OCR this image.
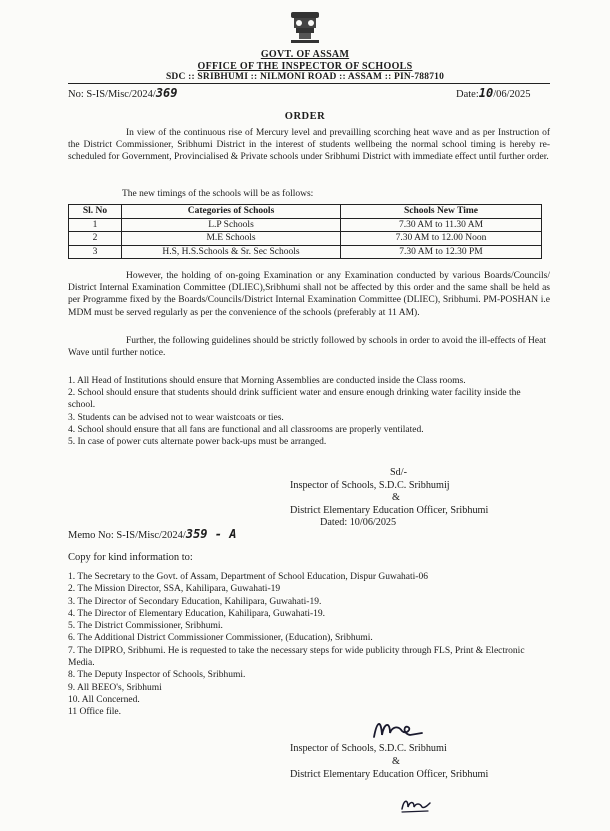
GOVT. OF ASSAM
OFFICE OF THE INSPECTOR OF SCHOOLS
SDC :: SRIBHUMI :: NILMONI ROAD :: ASSAM :: PIN-788710
No: S-IS/Misc/2024/369	Date:10/06/2025
ORDER
In view of the continuous rise of Mercury level and prevailling scorching heat wave and as per Instruction of the District Commissioner, Sribhumi District in the interest of students wellbeing the normal school timing is hereby re-scheduled for Government, Provincialised & Private schools under Sribhumi District with immediate effect until further order.
The new timings of the schools will be as follows:
Sl. No	Categories of Schools	Schools New Time
1	L.P Schools	7.30 AM to 11.30 AM
2	M.E Schools	7.30 AM to 12.00 Noon
3	H.S, H.S.Schools & Sr. Sec Schools	7.30 AM to 12.30 PM
However, the holding of on-going Examination or any Examination conducted by various Boards/Councils/ District Internal Examination Committee (DLIEC),Sribhumi shall not be affected by this order and the same shall be held as per Programme fixed by the Boards/Councils/District Internal Examination Committee (DLIEC), Sribhumi. PM-POSHAN i.e MDM must be served regularly as per the convenience of the schools (preferably at 11 AM).
Further, the following guidelines should be strictly followed by schools in order to avoid the ill-effects of Heat Wave until further notice.
1. All Head of Institutions should ensure that Morning Assemblies are conducted inside the Class rooms.
2. School should ensure that students should drink sufficient water and ensure enough drinking water facility inside the school.
3. Students can be advised not to wear waistcoats or ties.
4. School should ensure that all fans are functional and all classrooms are properly ventilated.
5. In case of power cuts alternate power back-ups must be arranged.
Sd/-
Inspector of Schools, S.D.C. Sribhumij
&
District Elementary Education Officer, Sribhumi
Dated: 10/06/2025
Memo No: S-IS/Misc/2024/359 - A
Copy for kind information to:
1. The Secretary to the Govt. of Assam, Department of School Education, Dispur Guwahati-06
2. The Mission Director, SSA, Kahilipara, Guwahati-19
3. The Director of Secondary Education, Kahilipara, Guwahati-19.
4. The Director of Elementary Education, Kahilipara, Guwahati-19.
5. The District Commissioner, Sribhumi.
6. The Additional District Commissioner Commissioner, (Education), Sribhumi.
7. The DIPRO, Sribhumi. He is requested to take the necessary steps for wide publicity through FLS, Print & Electronic Media.
8. The Deputy Inspector of Schools, Sribhumi.
9. All BEEO's, Sribhumi
10. All Concerned.
11 Office file.
Inspector of Schools, S.D.C. Sribhumi
&
District Elementary Education Officer, Sribhumi
